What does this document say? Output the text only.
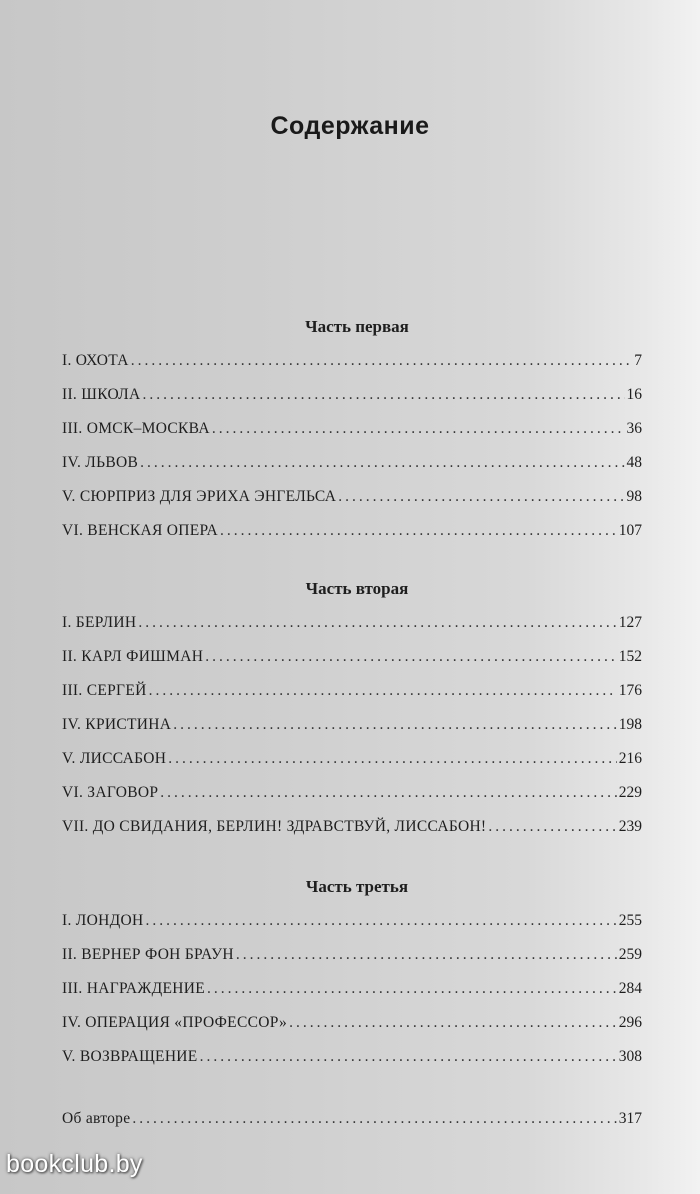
Содержание
Часть первая
I. ОХОТА .....	7
II. ШКОЛА .....	16
III. ОМСК–МОСКВА .....	36
IV. ЛЬВОВ .....	48
V. СЮРПРИЗ ДЛЯ ЭРИХА ЭНГЕЛЬСА .....	98
VI. ВЕНСКАЯ ОПЕРА .....	107
Часть вторая
I. БЕРЛИН .....	127
II. КАРЛ ФИШМАН .....	152
III. СЕРГЕЙ .....	176
IV. КРИСТИНА .....	198
V. ЛИССАБОН .....	216
VI. ЗАГОВОР .....	229
VII. ДО СВИДАНИЯ, БЕРЛИН! ЗДРАВСТВУЙ, ЛИССАБОН! .....	239
Часть третья
I. ЛОНДОН .....	255
II. ВЕРНЕР ФОН БРАУН .....	259
III. НАГРАЖДЕНИЕ .....	284
IV. ОПЕРАЦИЯ «ПРОФЕССОР» .....	296
V. ВОЗВРАЩЕНИЕ .....	308
Об авторе .....	317
bookclub.by
